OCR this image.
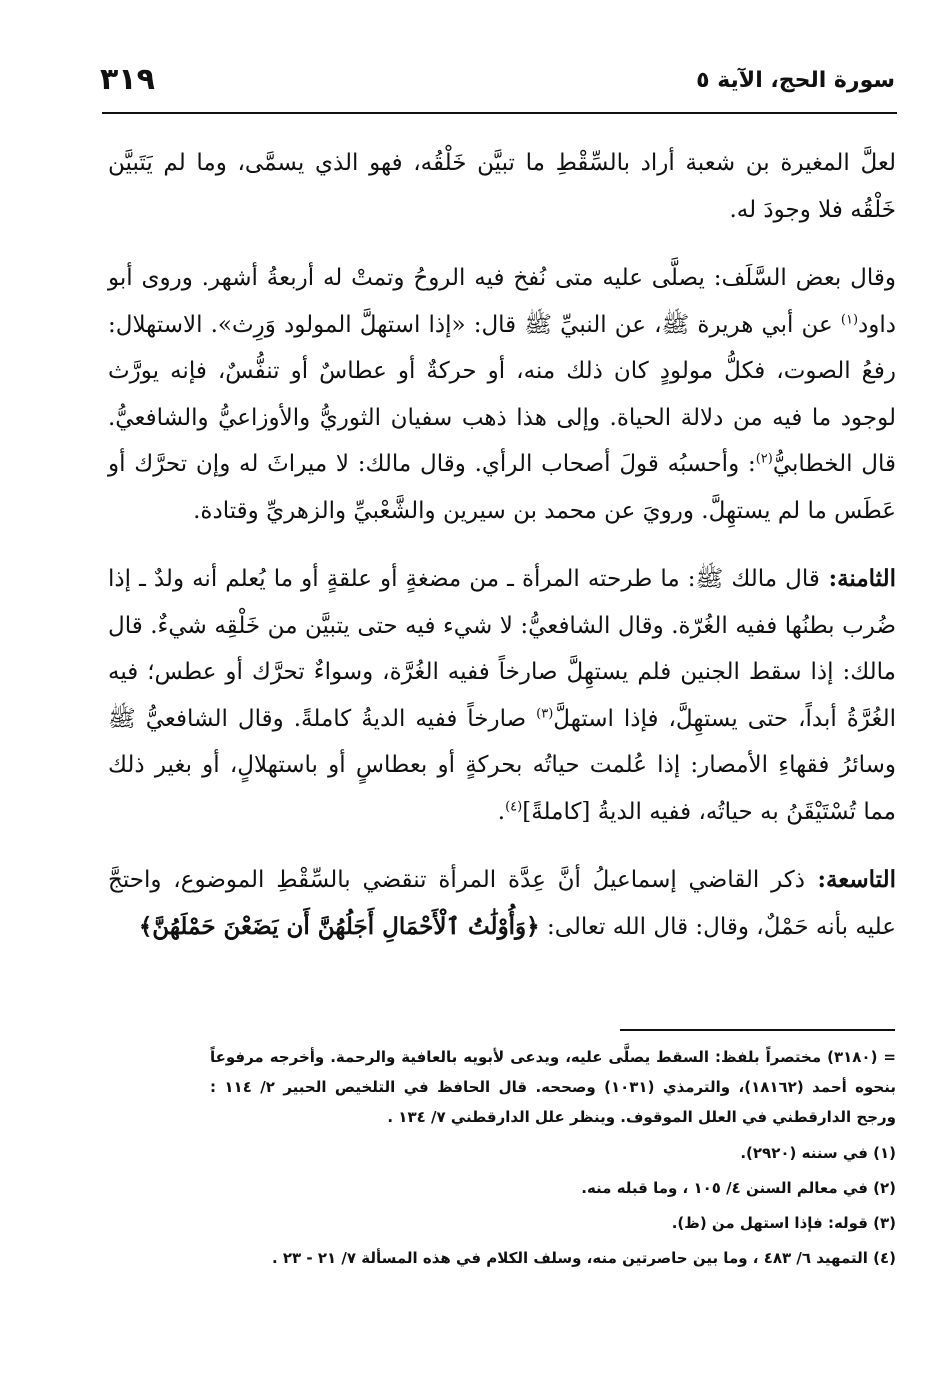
سورة الحج، الآية ٥
٣١٩

لعلَّ المغيرة بن شعبة أراد بالسِّقْطِ ما تبيَّن خَلْقُه، فهو الذي يسمَّى، وما لم يَتَبيَّن خَلْقُه فلا وجودَ له.

وقال بعض السَّلَف: يصلَّى عليه متى نُفخ فيه الروحُ وتمتْ له أربعةُ أشهر. وروى أبو داود$^{(١)}$ عن أبي هريرة ﷺ، عن النبيِّ ﷺ قال: «إذا استهلَّ المولود وَرِث». الاستهلال: رفعُ الصوت، فكلُّ مولودٍ كان ذلك منه، أو حركةٌ أو عطاسٌ أو تنفُّسٌ، فإنه يورَّث لوجود ما فيه من دلالة الحياة. وإلى هذا ذهب سفيان الثوريُّ والأوزاعيُّ والشافعيُّ. قال الخطابيُّ$^{(٢)}$: وأحسبُه قولَ أصحاب الرأي. وقال مالك: لا ميراثَ له وإن تحرَّك أو عَطَس ما لم يستهِلَّ. ورويَ عن محمد بن سيرين والشَّعْبيِّ والزهريِّ وقتادة.

الثامنة: قال مالك ﷺ: ما طرحته المرأة ـ من مضغةٍ أو علقةٍ أو ما يُعلم أنه ولدٌ ـ إذا ضُرب بطنُها ففيه الغُرّة. وقال الشافعيُّ: لا شيء فيه حتى يتبيَّن من خَلْقِه شيءٌ. قال مالك: إذا سقط الجنين فلم يستهِلَّ صارخاً ففيه الغُرَّة، وسواءٌ تحرَّك أو عطس؛ فيه الغُرَّةُ أبداً، حتى يستهِلَّ، فإذا استهلَّ$^{(٣)}$ صارخاً ففيه الديةُ كاملةً. وقال الشافعيُّ ﷺ وسائرُ فقهاءِ الأمصار: إذا عُلمت حياتُه بحركةٍ أو بعطاسٍ أو باستهلالٍ، أو بغير ذلك مما تُسْتَيْقَنُ به حياتُه، ففيه الديةُ [كاملةً]$^{(٤)}$.

التاسعة: ذكر القاضي إسماعيلُ أنَّ عِدَّة المرأة تنقضي بالسِّقْطِ الموضوع، واحتجَّ عليه بأنه حَمْلٌ، وقال: قال الله تعالى: ﴿وَأُوْلَٰتُ ٱلْأَحْمَالِ أَجَلُهُنَّ أَن يَضَعْنَ حَمْلَهُنَّ﴾

= (٣١٨٠) مختصراً بلفظ: السقط يصلَّى عليه، ويدعى لأبويه بالعافية والرحمة. وأخرجه مرفوعاً بنحوه أحمد (١٨١٦٢)، والترمذي (١٠٣١) وصححه. قال الحافظ في التلخيص الحبير ٢/ ١١٤ : ورجح الدارقطني في العلل الموقوف. وينظر علل الدارقطني ٧/ ١٣٤ .

(١) في سننه (٢٩٢٠).

(٢) في معالم السنن ٤/ ١٠٥ ، وما قبله منه.

(٣) قوله: فإذا استهل من (ظ).

(٤) التمهيد ٦/ ٤٨٣ ، وما بين حاصرتين منه، وسلف الكلام في هذه المسألة ٧/ ٢١ - ٢٣ .
